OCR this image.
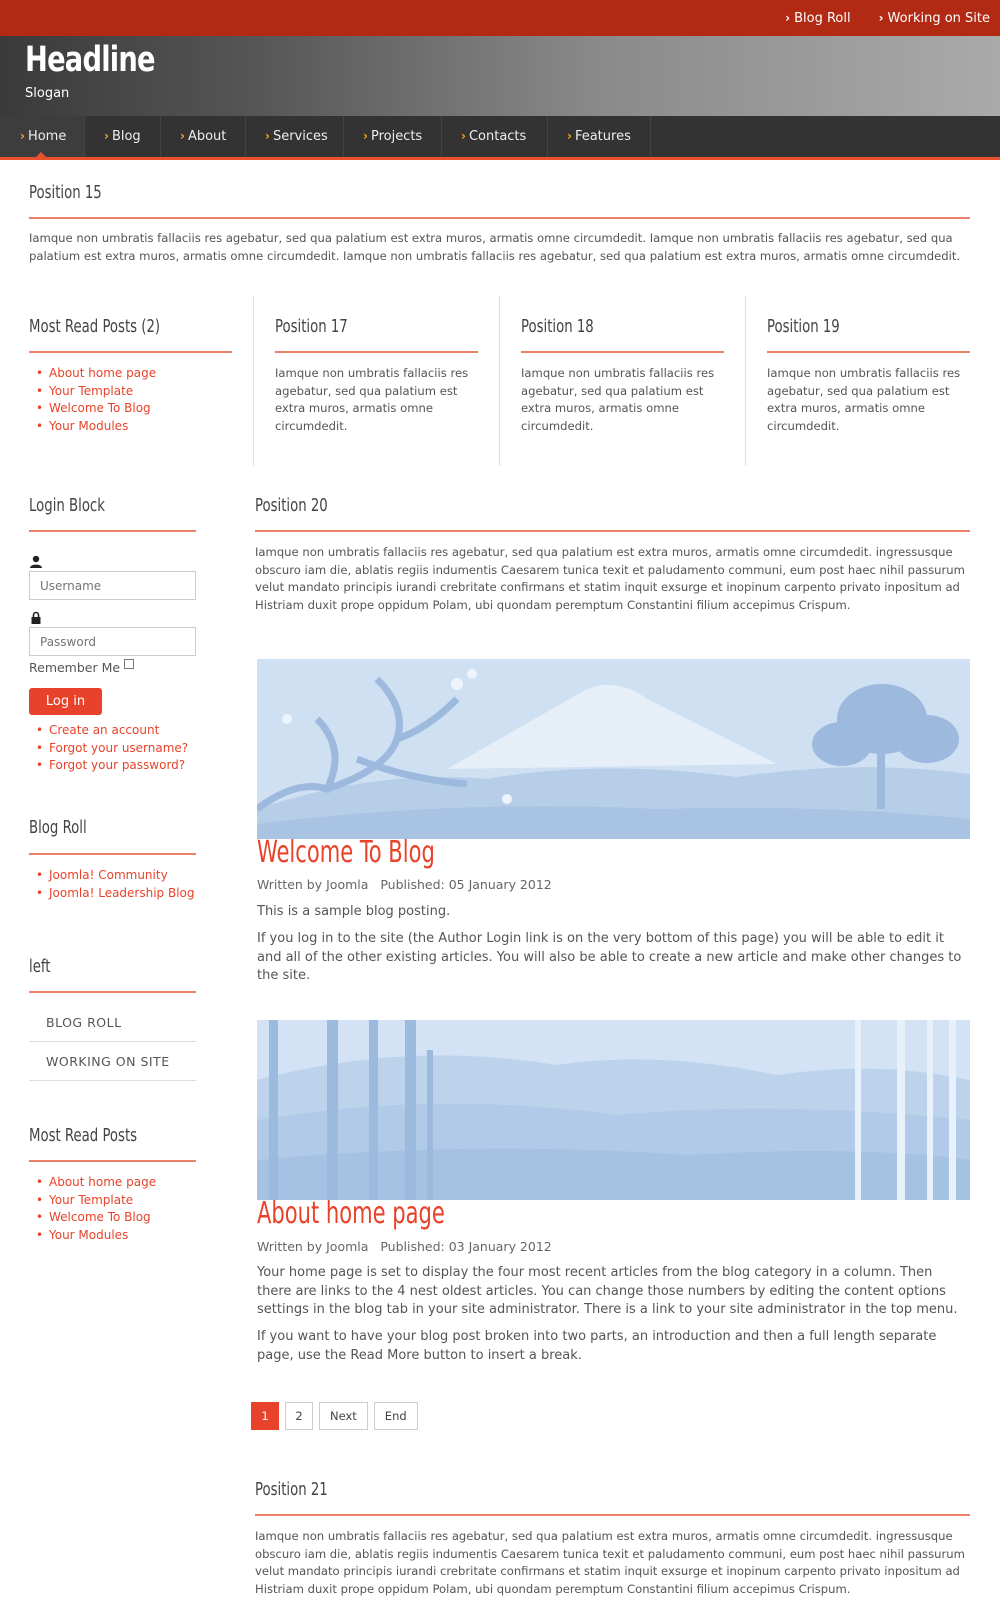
› Blog Roll › Working on Site
Headline
Slogan
› Home	› Blog	› About	› Services	› Projects	› Contacts	› Features
Position 15
Iamque non umbratis fallaciis res agebatur, sed qua palatium est extra muros, armatis omne circumdedit. Iamque non umbratis fallaciis res agebatur, sed qua palatium est extra muros, armatis omne circumdedit. Iamque non umbratis fallaciis res agebatur, sed qua palatium est extra muros, armatis omne circumdedit.
Most Read Posts (2)
• About home page
• Your Template
• Welcome To Blog
• Your Modules
Position 17
Iamque non umbratis fallaciis res agebatur, sed qua palatium est extra muros, armatis omne circumdedit.
Position 18
Iamque non umbratis fallaciis res agebatur, sed qua palatium est extra muros, armatis omne circumdedit.
Position 19
Iamque non umbratis fallaciis res agebatur, sed qua palatium est extra muros, armatis omne circumdedit.
Login Block
Username
Remember Me
Log in
• Create an account
• Forgot your username?
• Forgot your password?
Blog Roll
• Joomla! Community
• Joomla! Leadership Blog
left
BLOG ROLL
WORKING ON SITE
Most Read Posts
• About home page
• Your Template
• Welcome To Blog
• Your Modules
Position 20
Iamque non umbratis fallaciis res agebatur, sed qua palatium est extra muros, armatis omne circumdedit. ingressusque obscuro iam die, ablatis regiis indumentis Caesarem tunica texit et paludamento communi, eum post haec nihil passurum velut mandato principis iurandi crebritate confirmans et statim inquit exsurge et inopinum carpento privato inpositum ad Histriam duxit prope oppidum Polam, ubi quondam peremptum Constantini filium accepimus Crispum.
Welcome To Blog
Written by Joomla Published: 05 January 2012
This is a sample blog posting.
If you log in to the site (the Author Login link is on the very bottom of this page) you will be able to edit it and all of the other existing articles. You will also be able to create a new article and make other changes to the site.
About home page
Written by Joomla Published: 03 January 2012
Your home page is set to display the four most recent articles from the blog category in a column. Then there are links to the 4 nest oldest articles. You can change those numbers by editing the content options settings in the blog tab in your site administrator. There is a link to your site administrator in the top menu.
If you want to have your blog post broken into two parts, an introduction and then a full length separate page, use the Read More button to insert a break.
1	2	Next	End
Position 21
Iamque non umbratis fallaciis res agebatur, sed qua palatium est extra muros, armatis omne circumdedit. ingressusque obscuro iam die, ablatis regiis indumentis Caesarem tunica texit et paludamento communi, eum post haec nihil passurum velut mandato principis iurandi crebritate confirmans et statim inquit exsurge et inopinum carpento privato inpositum ad Histriam duxit prope oppidum Polam, ubi quondam peremptum Constantini filium accepimus Crispum.
